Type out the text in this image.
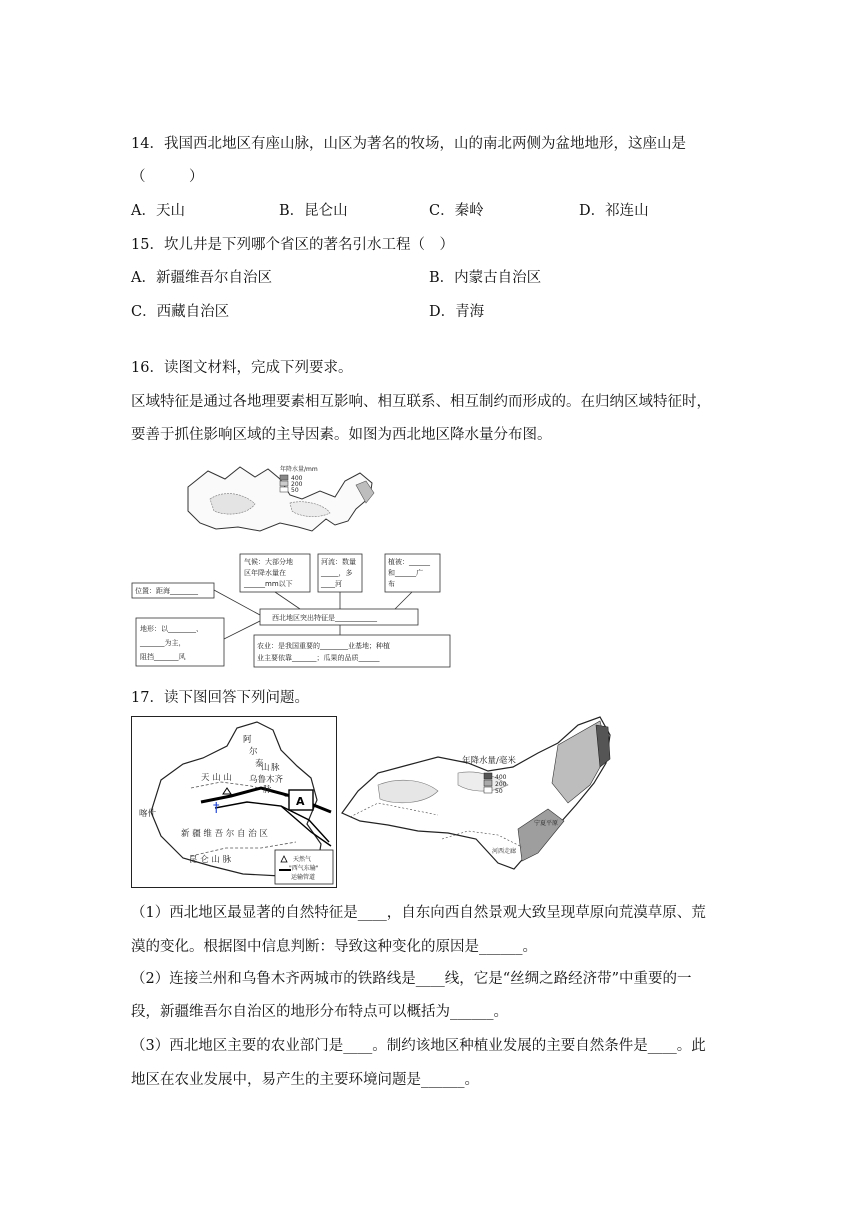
14．我国西北地区有座山脉，山区为著名的牧场，山的南北两侧为盆地地形，这座山是
（　　　）
A．天山	B．昆仑山	C．秦岭	D．祁连山
15．坎儿井是下列哪个省区的著名引水工程（　）
A．新疆维吾尔自治区	B．内蒙古自治区
C．西藏自治区	D．青海
16．读图文材料，完成下列要求。
区域特征是通过各地理要素相互影响、相互联系、相互制约而形成的。在归纳区域特征时，
要善于抓住影响区域的主导因素。如图为西北地区降水量分布图。
年降水量/mm
400
200
50
气候：大部分地
区年降水量在
______mm以下
河流：数量
_____，多
____河
植被：______
和______广
布
位置：距海________
西北地区突出特征是____________
地形：以________、
_______为主，
阻挡_______风
农业：是我国重要的________业基地；种植
业主要依靠_______；瓜果的品质______
17．读下图回答下列问题。
A
†
阿
尔
泰
山 脉
天 山 山 乌鲁木齐
脉
喀什
新 疆 维 吾 尔 自 治 区
昆 仑 山 脉	天然气
"西气东输"
运输管道
年降水量/毫米
400
200
50
宁夏平原
河西走廊
（1）西北地区最显著的自然特征是____，自东向西自然景观大致呈现草原向荒漠草原、荒
漠的变化。根据图中信息判断：导致这种变化的原因是______。
（2）连接兰州和乌鲁木齐两城市的铁路线是____线，它是“丝绸之路经济带”中重要的一
段，新疆维吾尔自治区的地形分布特点可以概括为______。
（3）西北地区主要的农业部门是____。制约该地区种植业发展的主要自然条件是____。此
地区在农业发展中，易产生的主要环境问题是______。
